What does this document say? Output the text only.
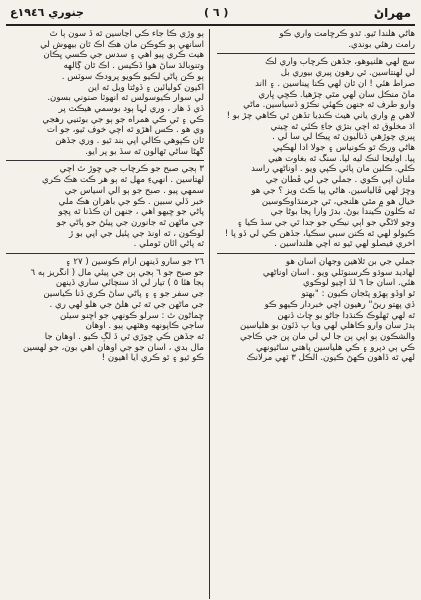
مهراڻ
( ٦ )
جنوري ١٩٤٦ع

هاڻي هلندا ٿيو. ٿدو ڪرڇامت واري ڪو
رامت رهئي بوندي.

سچ لهي هلنيوهو، جڏهن ڪرچاب واري لڪ
لي لهنتاسين. ٿي رهون پيري بيوري بل
صراط هئي ! ان ٿان لهي ڪنا پيناسين . ۽ ااند
ماڻ منڪل سان لهي مٿي چڙهيا. ڪڇي ڀاري
وارو طرف ٿه جنهن ڪهئي نڪڙو ڏسياسين. ماڻي
لاهي ۾ واري ياني هيٺ ڪنڊيا تڏهن ٿي ڪاهي چڙ بو !
اڌ مخلوق ٿه اچي بتڙي جاءِ ڪئي ٿه ڇيني
ڀيري چوڙهي ڏناليون ٿه پيڪا لي سا لي .
هاڻي ورڪ ٿو ڪونياس ۽ جولا ادا لهڪپي
پيا. اوليجا لنڪ ليه ليا. سنگ ٿه بغاوت هيي
ڪلي. ڪلين مان پائي ڪپي ويو . اوناڻهي راسد
ملتان آپي ڪوي . جملي جي لي ڦطان جي
وڇڙ لهي ڦالياسين. هاڻي پيا ڪٿ ويز ؟ جي هو
خيال هو ۾ مٿي هلنجي، ٿي جرمنڌاوڪوسين
ٿه ڪلون ڪيندا بوڻ. بدڙ وارا پجا بوڻا جي
وڃو لاڻگي جو اٻي نيڪي جو جدا ٿي جي سڏ ڪيا ۽
ڪيولو لهي ٿه ڪنن سبي سڪيا، جڏهن ڪي لي ڏو پا !
آخري فيصلو لهي ٿيو ته اچي هلنداسين .

جملي جي بن ٿلاهين وجهان اسان هو
لهاديد سوڌو ڪرسنوٽلي ويو . اسان اوناڻهي
هئي. اسان جا ٦ لڏ اچيو لوڪوي
ٿو اوڏو ٻهڙو پڻجان ڪيون : "بهتو
ڏي پهتو ريڻ" رهيون اچي خبردار ڪيهو ڪو
ٿه لهي ٿهلوڪ ڪنڌڊا جاڻو بو ڇاٺ ڏنهن
ٻدڙ سان وارو ڪاهلي لهي ويا ٻ ڏئون بو هلياسين
والشڪون ٻو اپي ٻن جا لي لي مان پن جي ڪاجي
ڪي ٻي دپرو ۽ ڪي هلياسين پاهتي ساڻيونهي
لهي ٿه ڏاهون ڪهڻ ڪيون. الڪل ٣ ٽهي مرلانڪ

ٻو وڙي ڪا جاء ڪي اڃاسين ٿه ڏ سون ٻا ٿ
اسانهي ٻو ڪوڪن مان هڪ اڪ ٿان بيهوش لي
هيت ڪري پيو آهي ۽ سدس جي ڪسي ڀڪان
وتنوبالڌ ساڻ هوا ڏڪيس . اڪ ٿان ڳالهه
ٻو ڪن پاڻي لڪيو ڪويو پرودڪ سوٽس .
اکيون کوليائين ۽ ڏوڻتا ويل ٿه اين
لي سوار ڪيوسولس ٿه انهوٽا صنوني بسون.
ڏي ڏ هار ، وري لہا ٻود بوسمي هيڪٽ پر
ڪي ۽ ٿي ڪي همراه جو ٻو جي بوٽنيي رهجي
وي هو . ڪس اهڙو ٿه اچي خوف ٿيو، جو اُت
ٿان ڪپوهي ڪالي آپي بند ٿيو . وري جڏهن
گهڻا ساڻي ٿهالون ٿه سڏ بو پر آيو.

٣ ٻجي صبح جو ڪرچاب جي ڇوڙ ٿ اچي
لهتاسين . انهيءِ مهل ٿه ٻو هر ڪت هڪ ڪري
سمهي پيو . صبح جو ٻو الي اسياس جي
خبر ڏلي سبين . ڪو جي باهران هڪ ملي
پاڻي جو ڇيھو آهي ، جنهن ان ڪڏنا ٿه پچو
جي ماڻهن ٿه جانورن جي پيئڻ جو پاڻي جو
لوڪون ، ٿه اونڌ جي پئيل جي اپي بو ڙ
ٿه پاڻي آئان ٿوملي .

٢٦ جو سارو ڏينهن آرام ڪوسين ( ٢٧ ۽
جو صبح جو ٦ ٻجي ٻن جي پيئي مال ( انگريز ٻه ٦
ٻجا هئا ٥ ) تيار لي اڌ سنچائي ساري ڏينهن
جي سفر جو ۽ ۽ پاڻي ساڻ ڪري ڏنا ڪياسين
جي ماڻهن جي ٿه ٿي هلڻ جي هلو لهي ري .
ڇماڻون ٿ : سرلو ڪونهي جو اڇنو سيئن
ساجي ڪاپونهه وهٽهي ٻيو . اوهان
ٿه جڏهن ڪي ڇوڙي ٿي ڏ لڳ ڪيو . اوهان جا
مال بدي ، اسان جو جي اوهان آهي بون، جو لهسين
ڪو ٿيو ۽ ٿو ڪري آيا آهيون !
